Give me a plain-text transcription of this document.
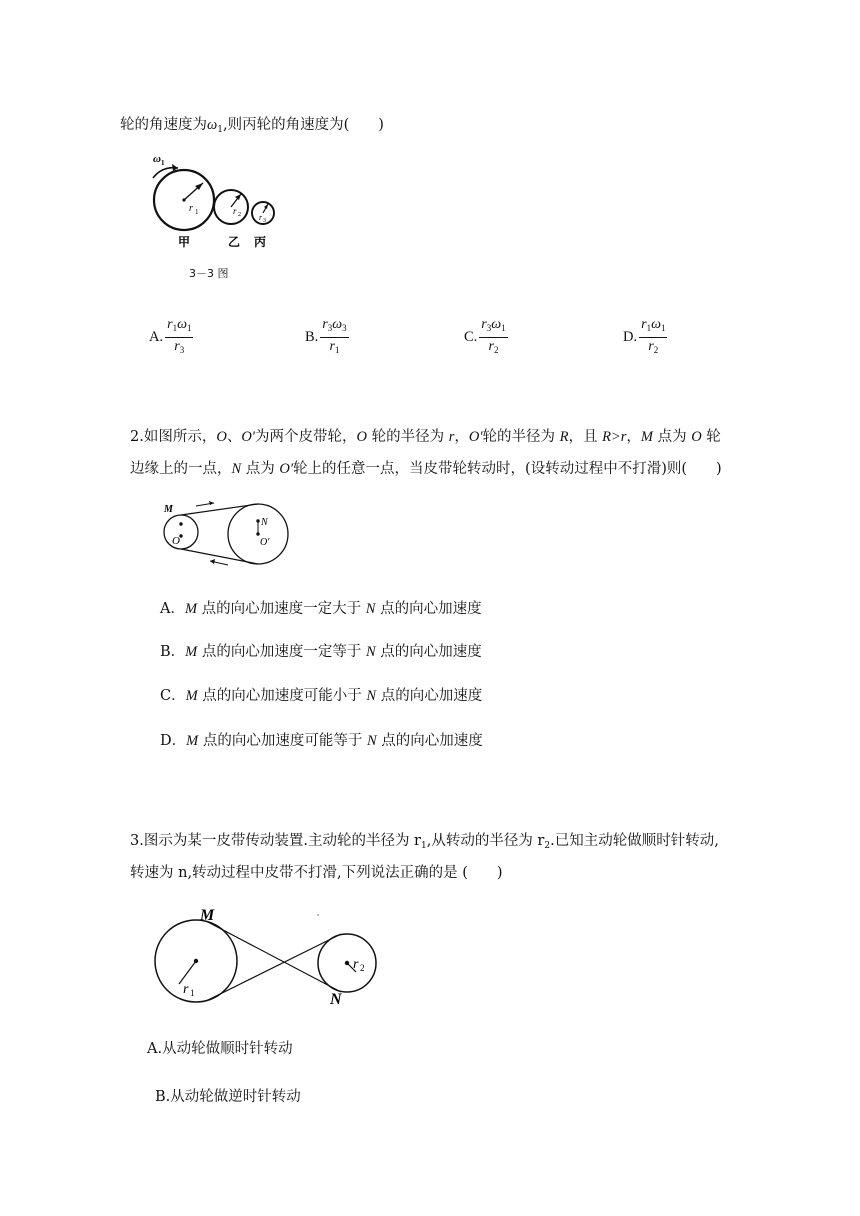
轮的角速度为$\omega_1$,则丙轮的角速度为(　　)
ω 1
r 1	r 2 r 3
甲	乙 丙
3－3 图
A. $\frac{r_1\omega_1}{r_3}$	B. $\frac{r_3\omega_3}{r_1}$	C. $\frac{r_3\omega_1}{r_2}$	D. $\frac{r_1\omega_1}{r_2}$
2.如图所示，O、O′为两个皮带轮，O 轮的半径为 r，O′轮的半径为 R，且 R>r，M 点为 O 轮
边缘上的一点，N 点为 O′轮上的任意一点，当皮带轮转动时，(设转动过程中不打滑)则(　　)
M
O
N
O′
A．M 点的向心加速度一定大于 N 点的向心加速度
B．M 点的向心加速度一定等于 N 点的向心加速度
C．M 点的向心加速度可能小于 N 点的向心加速度
D．M 点的向心加速度可能等于 N 点的向心加速度
3.图示为某一皮带传动装置.主动轮的半径为 $r_1$,从转动的半径为 $r_2$.已知主动轮做顺时针转动,
转速为 n,转动过程中皮带不打滑,下列说法正确的是 (　　)
M
N
r 1
r 2
A.从动轮做顺时针转动
B.从动轮做逆时针转动
